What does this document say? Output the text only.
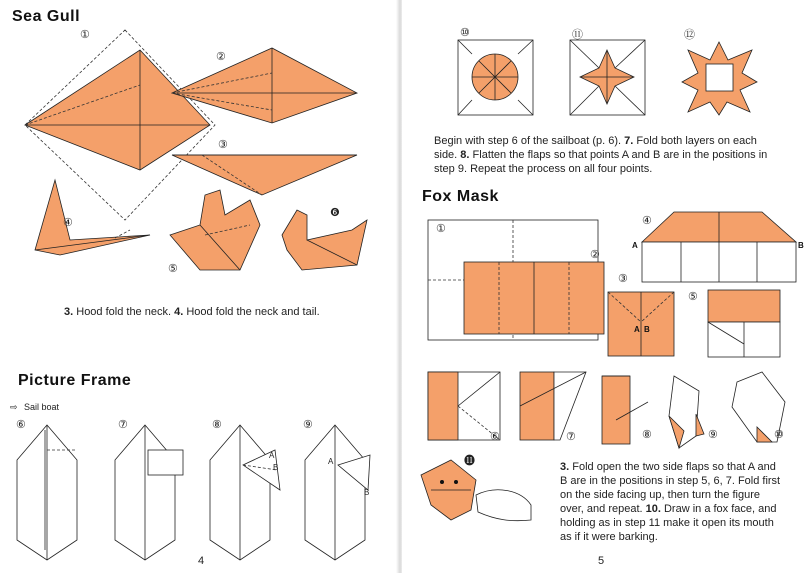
Sea Gull
①
②
③
④
⑤
❻
3. Hood fold the neck. 4. Hood fold the neck and tail.
Picture Frame
⇨ Sail boat
⑥	⑦
A
B
⑧
A
B
⑨
4
⑩	⑪	⑫
Begin with step 6 of the sailboat (p. 6). 7. Fold both layers on each side. 8. Flatten the flaps so that points A and B are in the positions in step 9. Repeat the process on all four points.
Fox Mask
①
②
A B
③
A	B
④
⑤
⑥	⑦	⑧	⑨	⑩
⓫	3. Fold open the two side flaps so that A and B are in the positions in step 5, 6, 7. Fold first on the side facing up, then turn the figure over, and repeat. 10. Draw in a fox face, and holding as in step 11 make it open its mouth as if it were barking.
5
